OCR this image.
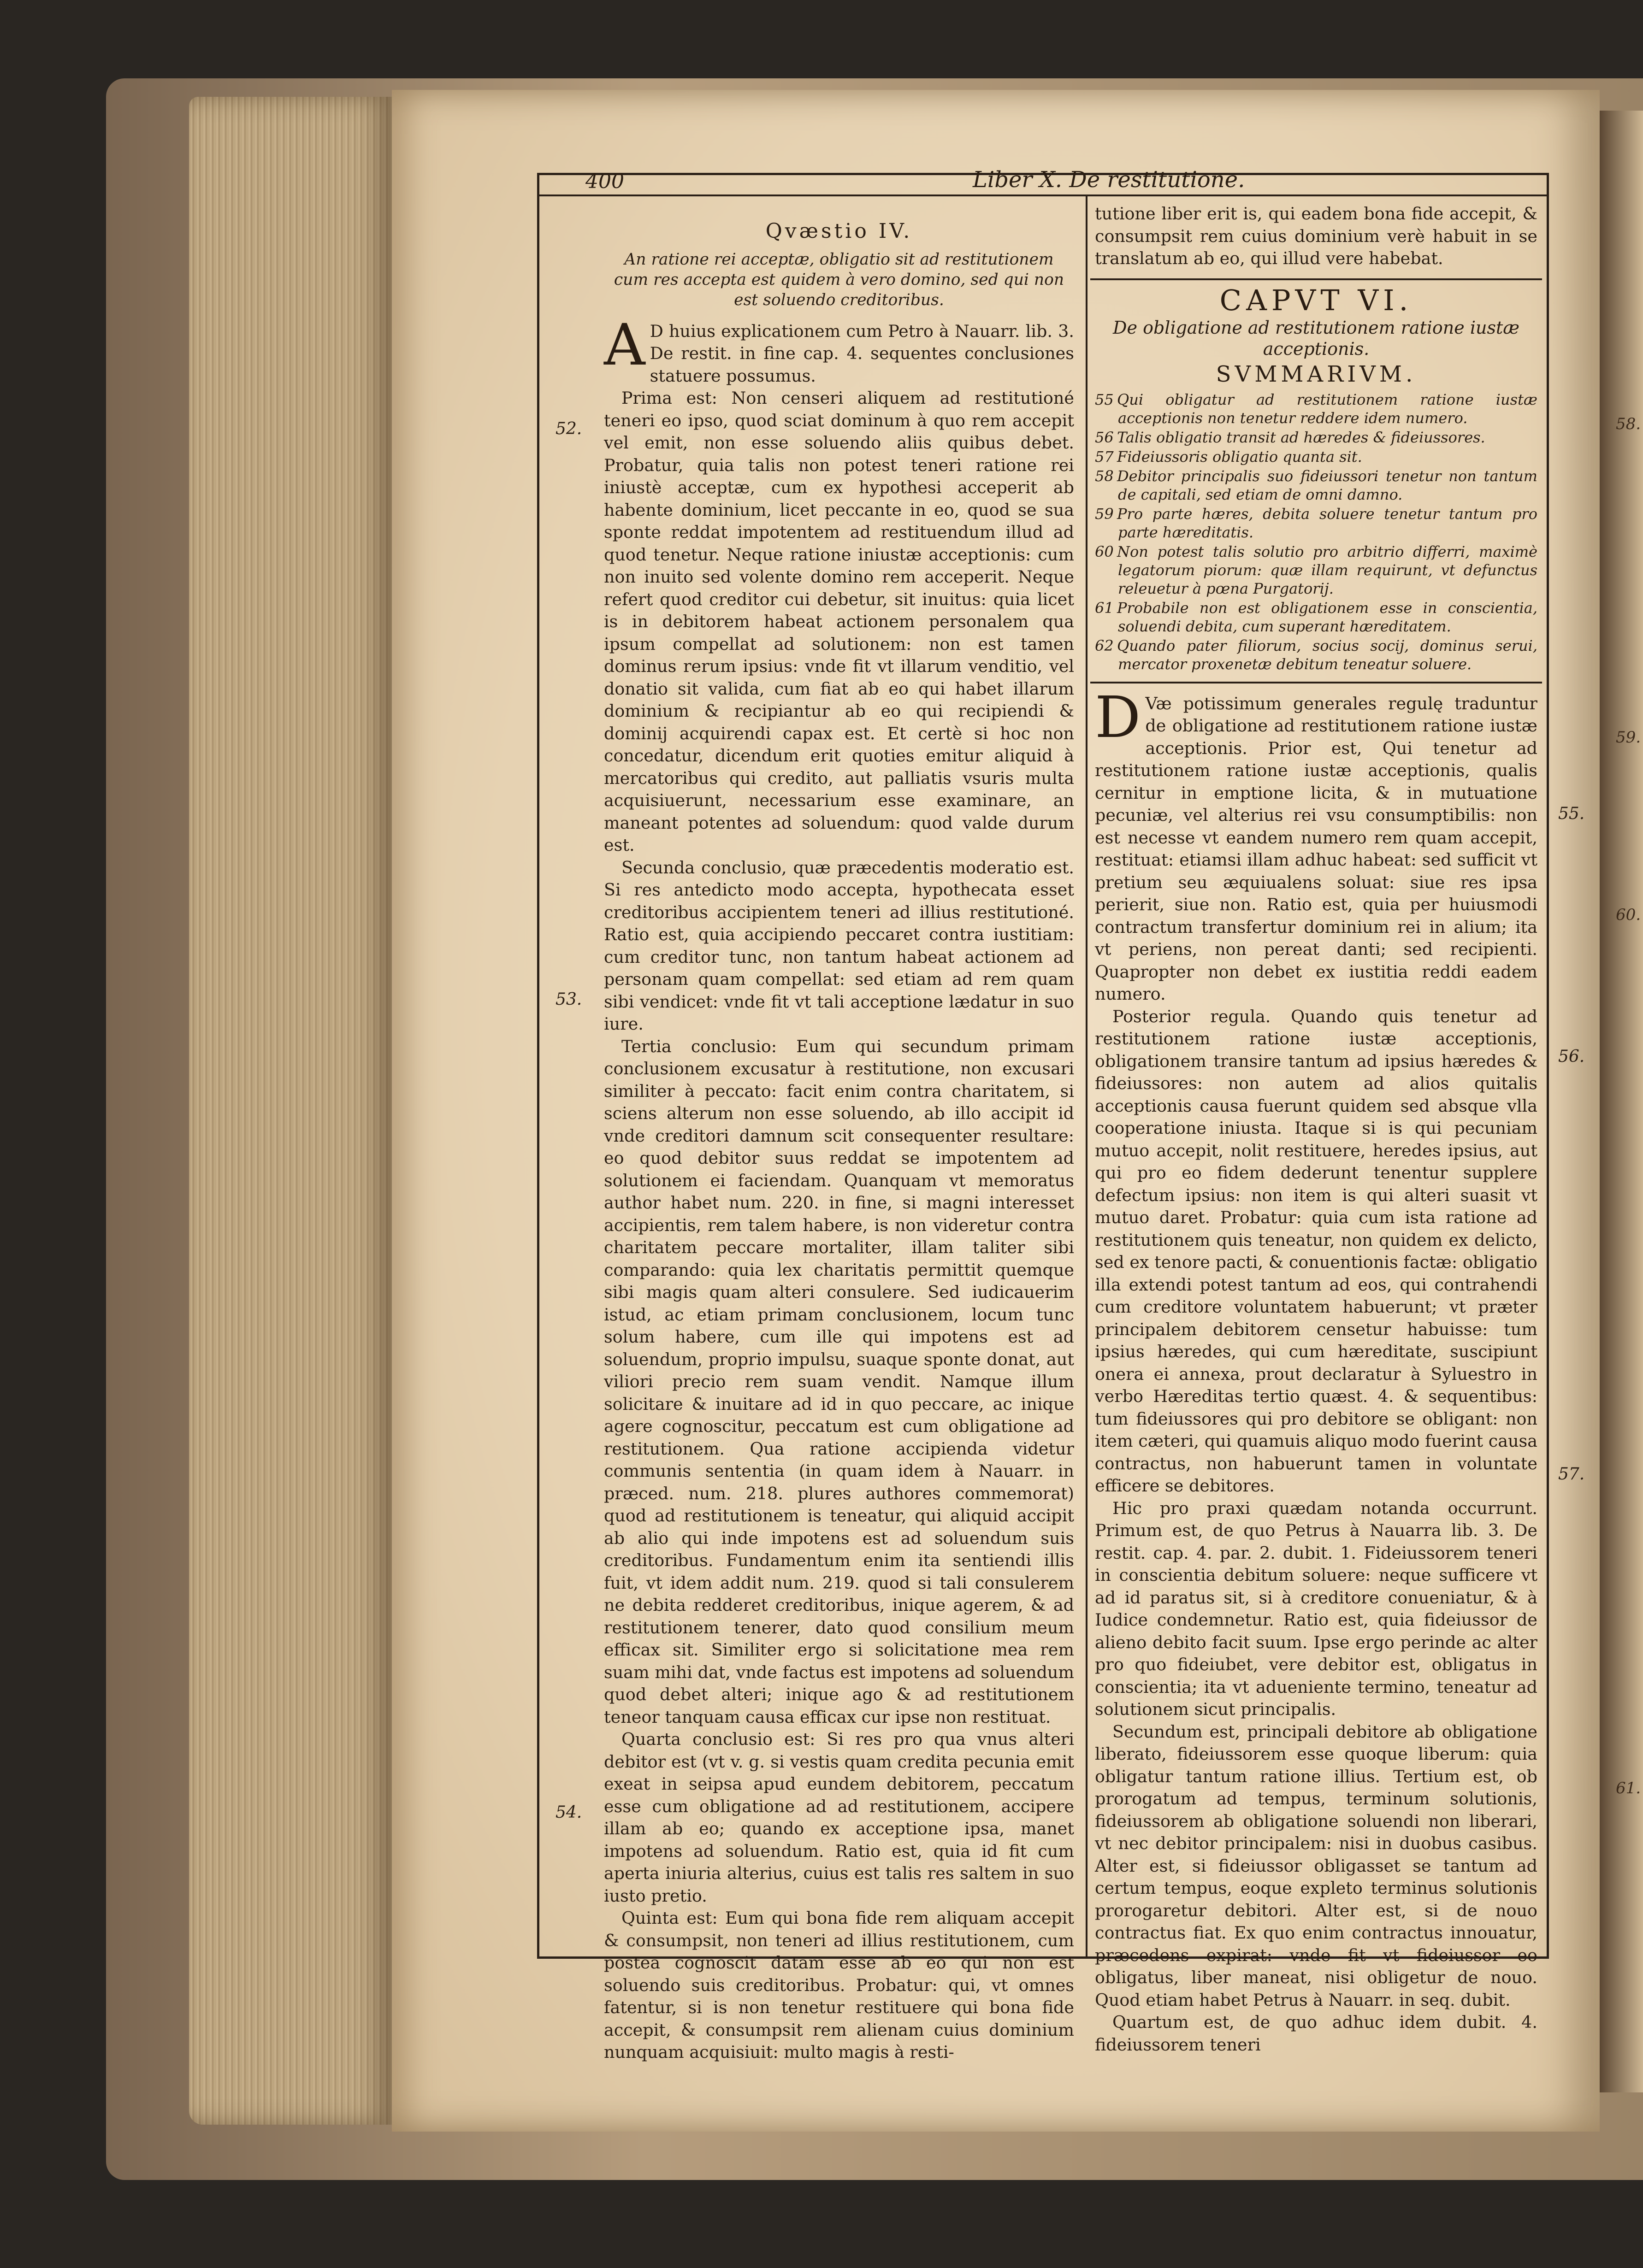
58.
59.
60.
61.
400	Liber X. De restitutione.
52.
53.
54.
55.
56.
57.
Qvæstio IV.
An ratione rei acceptæ, obligatio sit ad restitutionem cum res accepta est quidem à vero domino, sed qui non est soluendo creditoribus.

A D huius explicationem cum Petro à Nauarr. lib. 3. De restit. in fine cap. 4. sequentes conclusiones statuere possumus.

Prima est: Non censeri aliquem ad restitutioné teneri eo ipso, quod sciat dominum à quo rem accepit vel emit, non esse soluendo aliis quibus debet. Probatur, quia talis non potest teneri ratione rei iniustè acceptæ, cum ex hypothesi acceperit ab habente dominium, licet peccante in eo, quod se sua sponte reddat impotentem ad restituendum illud ad quod tenetur. Neque ratione iniustæ acceptionis: cum non inuito sed volente domino rem acceperit. Neque refert quod creditor cui debetur, sit inuitus: quia licet is in debitorem habeat actionem personalem qua ipsum compellat ad solutionem: non est tamen dominus rerum ipsius: vnde fit vt illarum venditio, vel donatio sit valida, cum fiat ab eo qui habet illarum dominium & recipiantur ab eo qui recipiendi & dominij acquirendi capax est. Et certè si hoc non concedatur, dicendum erit quoties emitur aliquid à mercatoribus qui credito, aut palliatis vsuris multa acquisiuerunt, necessarium esse examinare, an maneant potentes ad soluendum: quod valde durum est.

Secunda conclusio, quæ præcedentis moderatio est. Si res antedicto modo accepta, hypothecata esset creditoribus accipientem teneri ad illius restitutioné. Ratio est, quia accipiendo peccaret contra iustitiam: cum creditor tunc, non tantum habeat actionem ad personam quam compellat: sed etiam ad rem quam sibi vendicet: vnde fit vt tali acceptione lædatur in suo iure.

Tertia conclusio: Eum qui secundum primam conclusionem excusatur à restitutione, non excusari similiter à peccato: facit enim contra charitatem, si sciens alterum non esse soluendo, ab illo accipit id vnde creditori damnum scit consequenter resultare: eo quod debitor suus reddat se impotentem ad solutionem ei faciendam. Quanquam vt memoratus author habet num. 220. in fine, si magni interesset accipientis, rem talem habere, is non videretur contra charitatem peccare mortaliter, illam taliter sibi comparando: quia lex charitatis permittit quemque sibi magis quam alteri consulere. Sed iudicauerim istud, ac etiam primam conclusionem, locum tunc solum habere, cum ille qui impotens est ad soluendum, proprio impulsu, suaque sponte donat, aut viliori precio rem suam vendit. Namque illum solicitare & inuitare ad id in quo peccare, ac inique agere cognoscitur, peccatum est cum obligatione ad restitutionem. Qua ratione accipienda videtur communis sententia (in quam idem à Nauarr. in præced. num. 218. plures authores commemorat) quod ad restitutionem is teneatur, qui aliquid accipit ab alio qui inde impotens est ad soluendum suis creditoribus. Fundamentum enim ita sentiendi illis fuit, vt idem addit num. 219. quod si tali consulerem ne debita redderet creditoribus, inique agerem, & ad restitutionem tenerer, dato quod consilium meum efficax sit. Similiter ergo si solicitatione mea rem suam mihi dat, vnde factus est impotens ad soluendum quod debet alteri; inique ago & ad restitutionem teneor tanquam causa efficax cur ipse non restituat.

Quarta conclusio est: Si res pro qua vnus alteri debitor est (vt v. g. si vestis quam credita pecunia emit exeat in seipsa apud eundem debitorem, peccatum esse cum obligatione ad ad restitutionem, accipere illam ab eo; quando ex acceptione ipsa, manet impotens ad soluendum. Ratio est, quia id fit cum aperta iniuria alterius, cuius est talis res saltem in suo iusto pretio.

Quinta est: Eum qui bona fide rem aliquam accepit & consumpsit, non teneri ad illius restitutionem, cum postea cognoscit datam esse ab eo qui non est soluendo suis creditoribus. Probatur: qui, vt omnes fatentur, si is non tenetur restituere qui bona fide accepit, & consumpsit rem alienam cuius dominium nunquam acquisiuit: multo magis à resti-

tutione liber erit is, qui eadem bona fide accepit, & consumpsit rem cuius dominium verè habuit in se translatum ab eo, qui illud vere habebat.

CAPVT VI.
De obligatione ad restitutionem ratione iustæ acceptionis.
SVMMARIVM.
55 Qui obligatur ad restitutionem ratione iustæ acceptionis non tenetur reddere idem numero.
56 Talis obligatio transit ad hæredes & fideiussores.
57 Fideiussoris obligatio quanta sit.
58 Debitor principalis suo fideiussori tenetur non tantum de capitali, sed etiam de omni damno.
59 Pro parte hæres, debita soluere tenetur tantum pro parte hæreditatis.
60 Non potest talis solutio pro arbitrio differri, maximè legatorum piorum: quæ illam requirunt, vt defunctus releuetur à pœna Purgatorij.
61 Probabile non est obligationem esse in conscientia, soluendi debita, cum superant hæreditatem.
62 Quando pater filiorum, socius socij, dominus serui, mercator proxenetæ debitum teneatur soluere.

D Væ potissimum generales regulę traduntur de obligatione ad restitutionem ratione iustæ acceptionis. Prior est, Qui tenetur ad restitutionem ratione iustæ acceptionis, qualis cernitur in emptione licita, & in mutuatione pecuniæ, vel alterius rei vsu consumptibilis: non est necesse vt eandem numero rem quam accepit, restituat: etiamsi illam adhuc habeat: sed sufficit vt pretium seu æquiualens soluat: siue res ipsa perierit, siue non. Ratio est, quia per huiusmodi contractum transfertur dominium rei in alium; ita vt periens, non pereat danti; sed recipienti. Quapropter non debet ex iustitia reddi eadem numero.

Posterior regula. Quando quis tenetur ad restitutionem ratione iustæ acceptionis, obligationem transire tantum ad ipsius hæredes & fideiussores: non autem ad alios quitalis acceptionis causa fuerunt quidem sed absque vlla cooperatione iniusta. Itaque si is qui pecuniam mutuo accepit, nolit restituere, heredes ipsius, aut qui pro eo fidem dederunt tenentur supplere defectum ipsius: non item is qui alteri suasit vt mutuo daret. Probatur: quia cum ista ratione ad restitutionem quis teneatur, non quidem ex delicto, sed ex tenore pacti, & conuentionis factæ: obligatio illa extendi potest tantum ad eos, qui contrahendi cum creditore voluntatem habuerunt; vt præter principalem debitorem censetur habuisse: tum ipsius hæredes, qui cum hæreditate, suscipiunt onera ei annexa, prout declaratur à Syluestro in verbo Hæreditas tertio quæst. 4. & sequentibus: tum fideiussores qui pro debitore se obligant: non item cæteri, qui quamuis aliquo modo fuerint causa contractus, non habuerunt tamen in voluntate efficere se debitores.

Hic pro praxi quædam notanda occurrunt. Primum est, de quo Petrus à Nauarra lib. 3. De restit. cap. 4. par. 2. dubit. 1. Fideiussorem teneri in conscientia debitum soluere: neque sufficere vt ad id paratus sit, si à creditore conueniatur, & à Iudice condemnetur. Ratio est, quia fideiussor de alieno debito facit suum. Ipse ergo perinde ac alter pro quo fideiubet, vere debitor est, obligatus in conscientia; ita vt adueniente termino, teneatur ad solutionem sicut principalis.

Secundum est, principali debitore ab obligatione liberato, fideiussorem esse quoque liberum: quia obligatur tantum ratione illius. Tertium est, ob prorogatum ad tempus, terminum solutionis, fideiussorem ab obligatione soluendi non liberari, vt nec debitor principalem: nisi in duobus casibus. Alter est, si fideiussor obligasset se tantum ad certum tempus, eoque expleto terminus solutionis prorogaretur debitori. Alter est, si de nouo contractus fiat. Ex quo enim contractus innouatur, præcedens expirat: vnde fit vt fideiussor eo obligatus, liber maneat, nisi obligetur de nouo. Quod etiam habet Petrus à Nauarr. in seq. dubit.

Quartum est, de quo adhuc idem dubit. 4. fideiussorem teneri
